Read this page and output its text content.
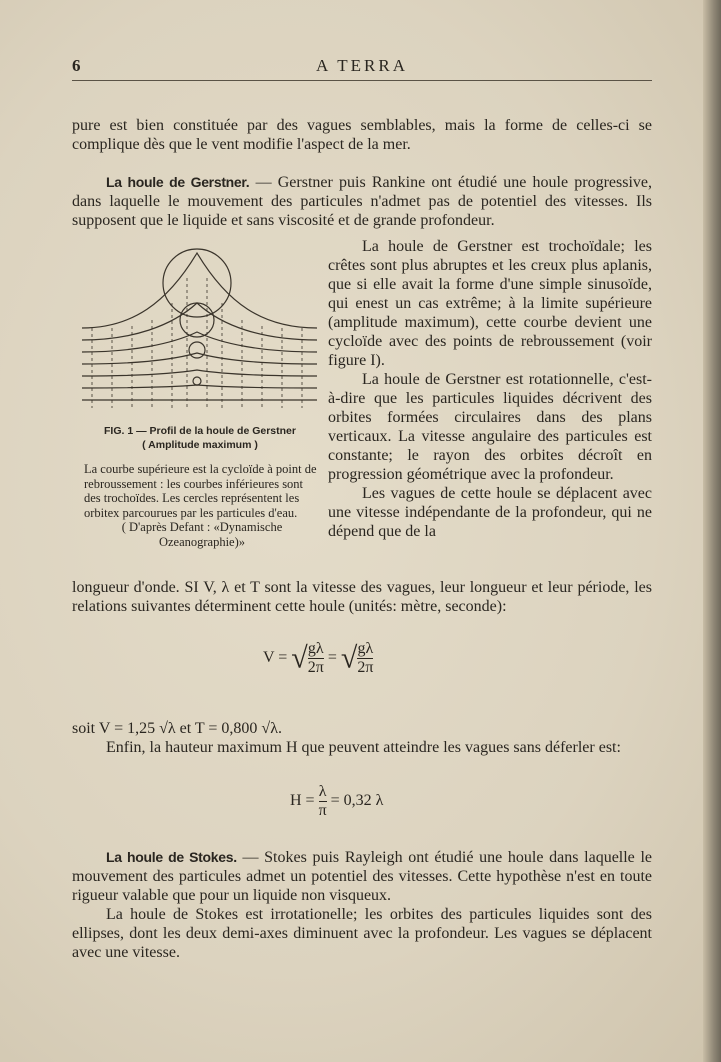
6	A TERRA

pure est bien constituée par des vagues semblables, mais la forme de celles-ci se complique dès que le vent modifie l'aspect de la mer.

La houle de Gerstner. — Gerstner puis Rankine ont étudié une houle progressive, dans laquelle le mouvement des particules n'admet pas de potentiel des vitesses. Ils supposent que le liquide et sans viscosité et de grande profondeur.

FIG. 1 — Profil de la houle de Gerstner
( Amplitude maximum )
La courbe supérieure est la cycloïde à point de rebroussement : les courbes inférieures sont des trochoïdes. Les cercles représentent les orbitex parcourues par les particules d'eau.
( D'après Defant : «Dynamische Ozeanographie)»

La houle de Gerstner est trochoïdale; les crêtes sont plus abruptes et les creux plus aplanis, que si elle avait la forme d'une simple sinusoïde, qui enest un cas extrême; à la limite supérieure (amplitude maximum), cette courbe devient une cycloïde avec des points de rebroussement (voir figure I).

La houle de Gerstner est rotationnelle, c'est-à-dire que les particules liquides décrivent des orbites formées circulaires dans des plans verticaux. La vitesse angulaire des particules est constante; le rayon des orbites décroît en progression géométrique avec la profondeur.

Les vagues de cette houle se déplacent avec une vitesse indépendante de la profondeur, qui ne dépend que de la

longueur d'onde. SI V, λ et T sont la vitesse des vagues, leur longueur et leur période, les relations suivantes déterminent cette houle (unités: mètre, seconde):

V = √ $\frac{g\lambda}{2\pi}$ = √ $\frac{g\lambda}{2\pi}$

soit V = 1,25 √λ et T = 0,800 √λ.

Enfin, la hauteur maximum H que peuvent atteindre les vagues sans déferler est:

$H = \frac{\lambda}{\pi} = 0,32$ λ

La houle de Stokes. — Stokes puis Rayleigh ont étudié une houle dans laquelle le mouvement des particules admet un potentiel des vitesses. Cette hypothèse n'est en toute rigueur valable que pour un liquide non visqueux.

La houle de Stokes est irrotationelle; les orbites des particules liquides sont des ellipses, dont les deux demi-axes diminuent avec la profondeur. Les vagues se déplacent avec une vitesse.
